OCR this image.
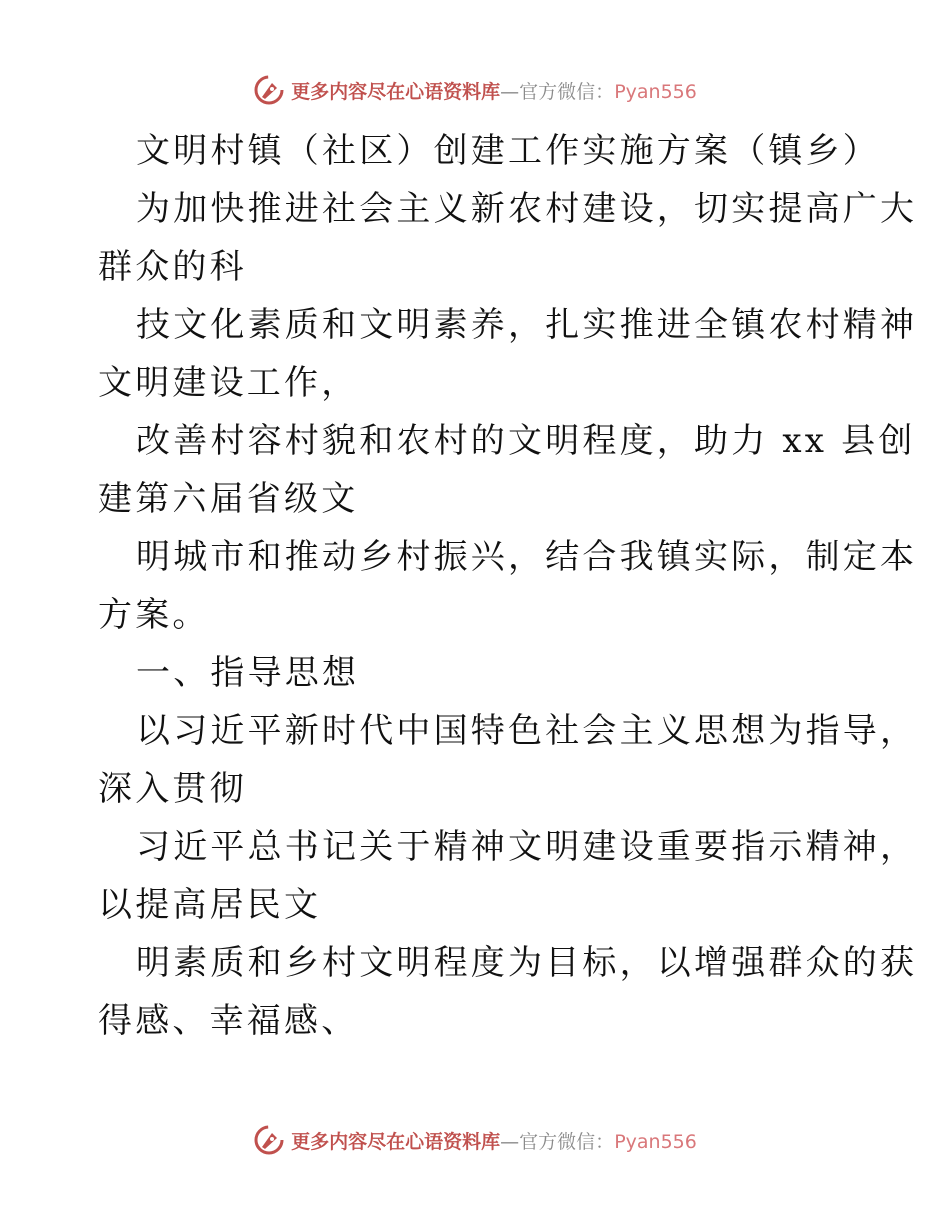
更多内容尽在心语资料库—官方微信：Pyan556
文明村镇（社区）创建工作实施方案（镇乡）
为加快推进社会主义新农村建设，切实提高广大
群众的科
技文化素质和文明素养，扎实推进全镇农村精神
文明建设工作，
改善村容村貌和农村的文明程度，助力 xx 县创
建第六届省级文
明城市和推动乡村振兴，结合我镇实际，制定本
方案。
一、指导思想
以习近平新时代中国特色社会主义思想为指导，
深入贯彻
习近平总书记关于精神文明建设重要指示精神，
以提高居民文
明素质和乡村文明程度为目标，以增强群众的获
得感、幸福感、
更多内容尽在心语资料库—官方微信：Pyan556
